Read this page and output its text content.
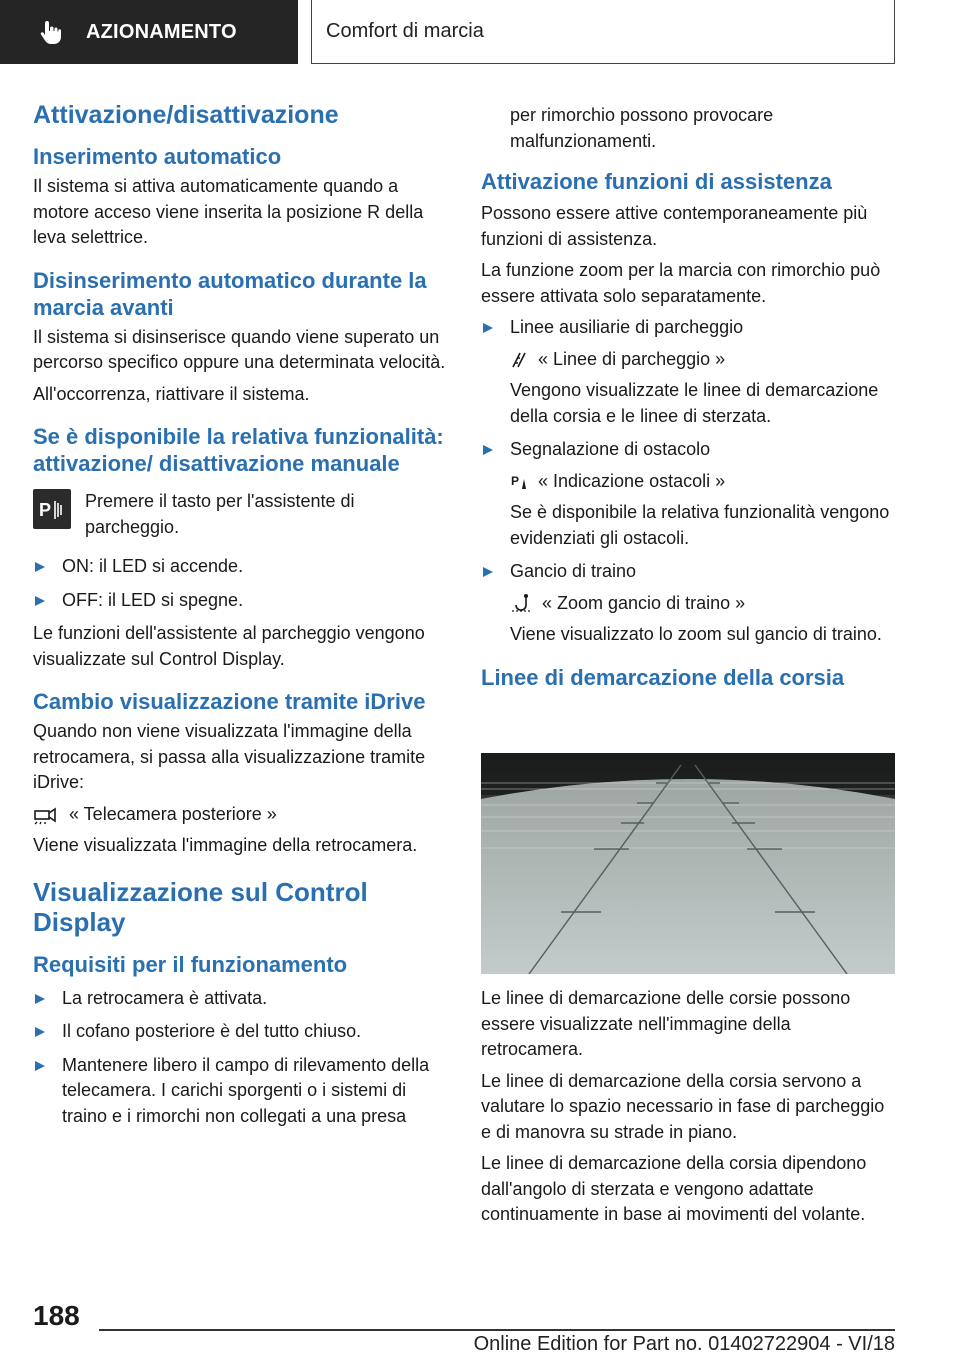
AZIONAMENTO	Comfort di marcia
Attivazione/disattivazione
Inserimento automatico

Il sistema si attiva automaticamente quando a motore acceso viene inserita la posizione R della leva selettrice.

Disinserimento automatico durante la marcia avanti

Il sistema si disinserisce quando viene superato un percorso specifico oppure una determinata velocità.

All'occorrenza, riattivare il sistema.

Se è disponibile la relativa funzionalità: attivazione/ disattivazione manuale
P Premere il tasto per l'assistente di parcheggio.

ON: il LED si accende.
OFF: il LED si spegne.

Le funzioni dell'assistente al parcheggio vengono visualizzate sul Control Display.

Cambio visualizzazione tramite iDrive

Quando non viene visualizzata l'immagine della retrocamera, si passa alla visualizzazione tramite iDrive:

« Telecamera posteriore »

Viene visualizzata l'immagine della retrocamera.

Visualizzazione sul Control Display
Requisiti per il funzionamento
La retrocamera è attivata.
Il cofano posteriore è del tutto chiuso.
Mantenere libero il campo di rilevamento della telecamera. I carichi sporgenti o i sistemi di traino e i rimorchi non collegati a una presa

per rimorchio possono provocare malfunzionamenti.

Attivazione funzioni di assistenza

Possono essere attive contemporaneamente più funzioni di assistenza.

La funzione zoom per la marcia con rimorchio può essere attivata solo separatamente.

Linee ausiliarie di parcheggio
« Linee di parcheggio »

Vengono visualizzate le linee di demarcazione della corsia e le linee di sterzata.

Segnalazione di ostacolo
P « Indicazione ostacoli »

Se è disponibile la relativa funzionalità vengono evidenziati gli ostacoli.

Gancio di traino
« Zoom gancio di traino »

Viene visualizzato lo zoom sul gancio di traino.

Linee di demarcazione della corsia

Le linee di demarcazione delle corsie possono essere visualizzate nell'immagine della retrocamera.

Le linee di demarcazione della corsia servono a valutare lo spazio necessario in fase di parcheggio e di manovra su strade in piano.

Le linee di demarcazione della corsia dipendono dall'angolo di sterzata e vengono adattate continuamente in base ai movimenti del volante.

188
Online Edition for Part no. 01402722904 - VI/18
